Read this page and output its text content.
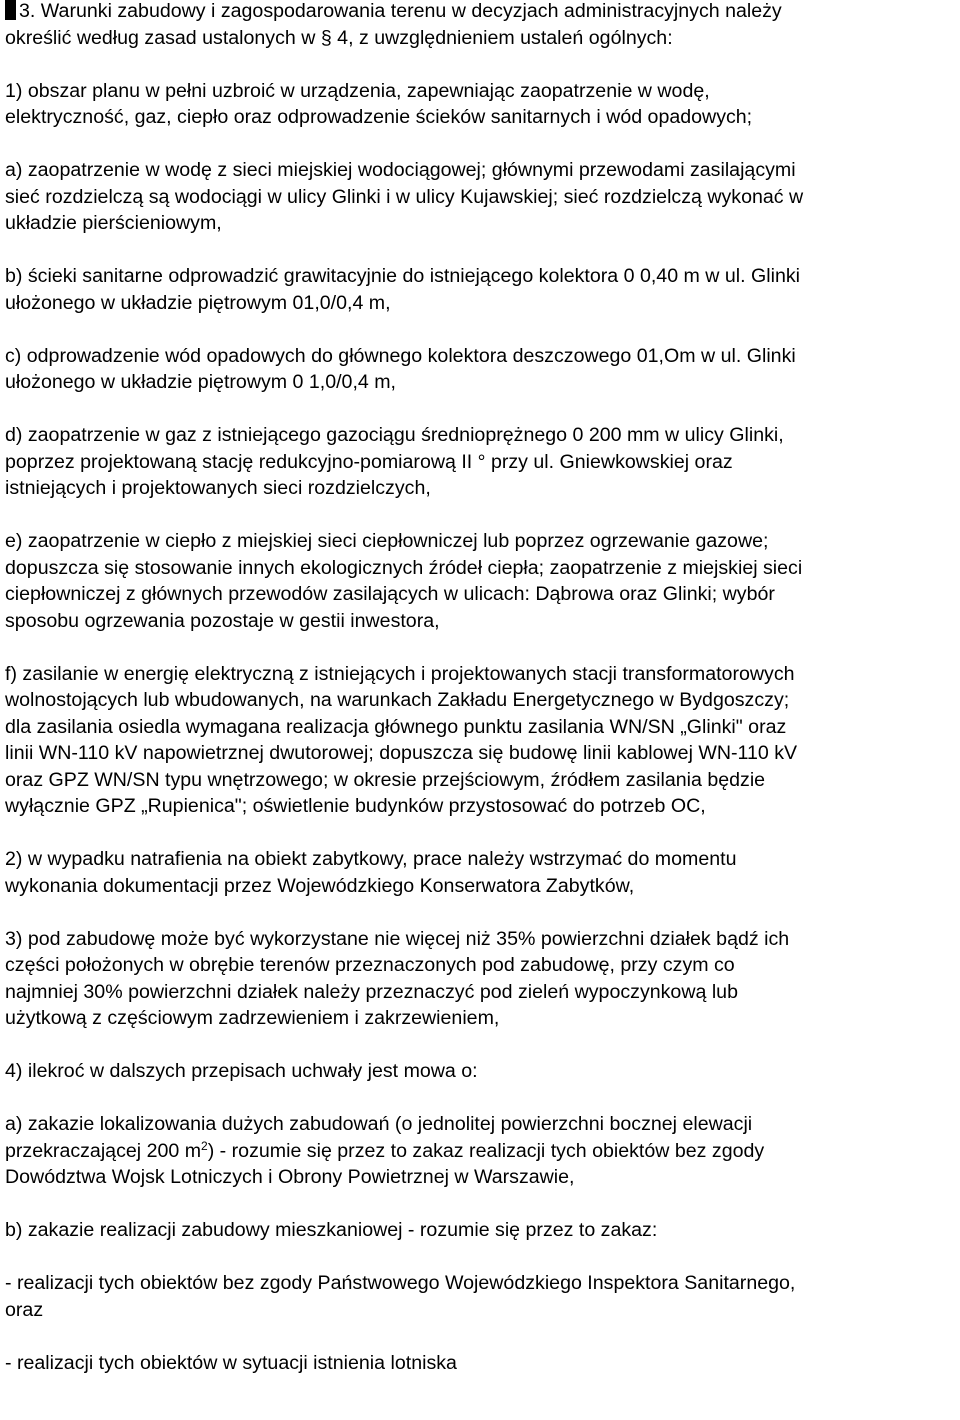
3. Warunki zabudowy i zagospodarowania terenu w decyzjach administracyjnych należy
określić według zasad ustalonych w § 4, z uwzględnieniem ustaleń ogólnych:

1) obszar planu w pełni uzbroić w urządzenia, zapewniając zaopatrzenie w wodę,
elektryczność, gaz, ciepło oraz odprowadzenie ścieków sanitarnych i wód opadowych;

a) zaopatrzenie w wodę z sieci miejskiej wodociągowej; głównymi przewodami zasilającymi
sieć rozdzielczą są wodociągi w ulicy Glinki i w ulicy Kujawskiej; sieć rozdzielczą wykonać w
układzie pierścieniowym,

b) ścieki sanitarne odprowadzić grawitacyjnie do istniejącego kolektora 0 0,40 m w ul. Glinki
ułożonego w układzie piętrowym 01,0/0,4 m,

c) odprowadzenie wód opadowych do głównego kolektora deszczowego 01,Om w ul. Glinki
ułożonego w układzie piętrowym 0 1,0/0,4 m,

d) zaopatrzenie w gaz z istniejącego gazociągu średnioprężnego 0 200 mm w ulicy Glinki,
poprzez projektowaną stację redukcyjno-pomiarową II ° przy ul. Gniewkowskiej oraz
istniejących i projektowanych sieci rozdzielczych,

e) zaopatrzenie w ciepło z miejskiej sieci ciepłowniczej lub poprzez ogrzewanie gazowe;
dopuszcza się stosowanie innych ekologicznych źródeł ciepła; zaopatrzenie z miejskiej sieci
ciepłowniczej z głównych przewodów zasilających w ulicach: Dąbrowa oraz Glinki; wybór
sposobu ogrzewania pozostaje w gestii inwestora,

f) zasilanie w energię elektryczną z istniejących i projektowanych stacji transformatorowych
wolnostojących lub wbudowanych, na warunkach Zakładu Energetycznego w Bydgoszczy;
dla zasilania osiedla wymagana realizacja głównego punktu zasilania WN/SN „Glinki" oraz
linii WN-110 kV napowietrznej dwutorowej; dopuszcza się budowę linii kablowej WN-110 kV
oraz GPZ WN/SN typu wnętrzowego; w okresie przejściowym, źródłem zasilania będzie
wyłącznie GPZ „Rupienica"; oświetlenie budynków przystosować do potrzeb OC,

2) w wypadku natrafienia na obiekt zabytkowy, prace należy wstrzymać do momentu
wykonania dokumentacji przez Wojewódzkiego Konserwatora Zabytków,

3) pod zabudowę może być wykorzystane nie więcej niż 35% powierzchni działek bądź ich
części położonych w obrębie terenów przeznaczonych pod zabudowę, przy czym co
najmniej 30% powierzchni działek należy przeznaczyć pod zieleń wypoczynkową lub
użytkową z częściowym zadrzewieniem i zakrzewieniem,

4) ilekroć w dalszych przepisach uchwały jest mowa o:

a) zakazie lokalizowania dużych zabudowań (o jednolitej powierzchni bocznej elewacji
przekraczającej 200 $m^2$) - rozumie się przez to zakaz realizacji tych obiektów bez zgody
Dowództwa Wojsk Lotniczych i Obrony Powietrznej w Warszawie,

b) zakazie realizacji zabudowy mieszkaniowej - rozumie się przez to zakaz:

- realizacji tych obiektów bez zgody Państwowego Wojewódzkiego Inspektora Sanitarnego,
oraz

- realizacji tych obiektów w sytuacji istnienia lotniska
